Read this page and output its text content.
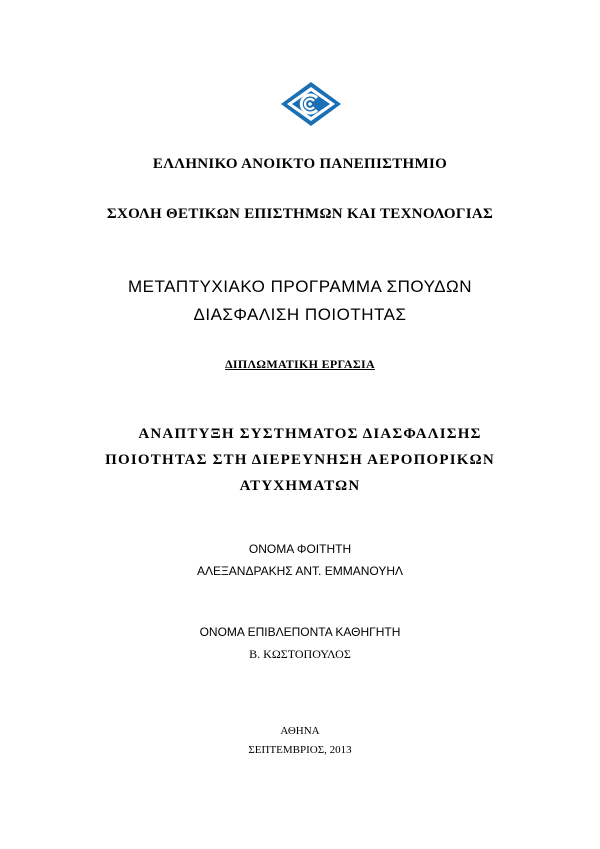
ΕΛΛΗΝΙΚΟ ΑΝΟΙΚΤΟ ΠΑΝΕΠΙΣΤΗΜΙΟ
ΣΧΟΛΗ ΘΕΤΙΚΩΝ ΕΠΙΣΤΗΜΩΝ ΚΑΙ ΤΕΧΝΟΛΟΓΙΑΣ
ΜΕΤΑΠΤΥΧΙΑΚΟ ΠΡΟΓΡΑΜΜΑ ΣΠΟΥΔΩΝ
ΔΙΑΣΦΑΛΙΣΗ ΠΟΙΟΤΗΤΑΣ
ΔΙΠΛΩΜΑΤΙΚΗ ΕΡΓΑΣΙΑ
ΑΝΑΠΤΥΞΗ ΣΥΣΤΗΜΑΤΟΣ ΔΙΑΣΦΑΛΙΣΗΣ
ΠΟΙΟΤΗΤΑΣ ΣΤΗ ΔΙΕΡΕΥΝΗΣΗ ΑΕΡΟΠΟΡΙΚΩΝ
ΑΤΥΧΗΜΑΤΩΝ
ΟΝΟΜΑ ΦΟΙΤΗΤΗ
ΑΛΕΞΑΝΔΡΑΚΗΣ ΑΝΤ. ΕΜΜΑΝΟΥΗΛ
ΟΝΟΜΑ ΕΠΙΒΛΕΠΟΝΤΑ ΚΑΘΗΓΗΤΗ
Β. ΚΩΣΤΟΠΟΥΛΟΣ
ΑΘΗΝΑ
ΣΕΠΤΕΜΒΡΙΟΣ, 2013
